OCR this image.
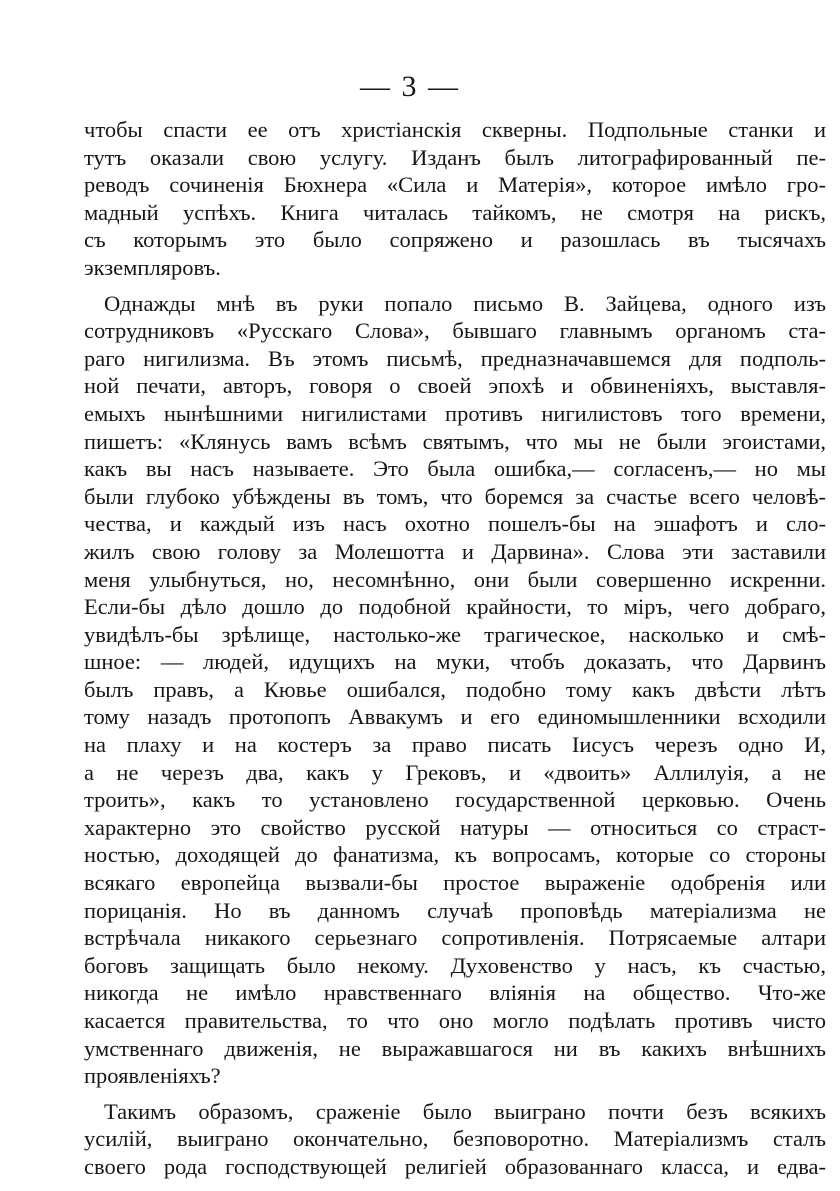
— 3 —
чтобы спасти ее отъ христіанскія скверны. Подпольные станки и
тутъ оказали свою услугу. Изданъ былъ литографированный пе-
реводъ сочиненія Бюхнера «Сила и Матерія», которое имѣло гро-
мадный успѣхъ. Книга читалась тайкомъ, не смотря на рискъ,
съ которымъ это было сопряжено и разошлась въ тысячахъ
экземпляровъ.
Однажды мнѣ въ руки попало письмо В. Зайцева, одного изъ
сотрудниковъ «Русскаго Слова», бывшаго главнымъ органомъ ста-
раго нигилизма. Въ этомъ письмѣ, предназначавшемся для подполь-
ной печати, авторъ, говоря о своей эпохѣ и обвиненіяхъ, выставля-
емыхъ нынѣшними нигилистами противъ нигилистовъ того времени,
пишетъ: «Клянусь вамъ всѣмъ святымъ, что мы не были эгоистами,
какъ вы насъ называете. Это была ошибка,— согласенъ,— но мы
были глубоко убѣждены въ томъ, что боремся за счастье всего человѣ-
чества, и каждый изъ насъ охотно пошелъ-бы на эшафотъ и сло-
жилъ свою голову за Молешотта и Дарвина». Слова эти заставили
меня улыбнуться, но, несомнѣнно, они были совершенно искренни.
Если-бы дѣло дошло до подобной крайности, то міръ, чего добраго,
увидѣлъ-бы зрѣлище, настолько-же трагическое, насколько и смѣ-
шное: — людей, идущихъ на муки, чтобъ доказать, что Дарвинъ
былъ правъ, а Кювье ошибался, подобно тому какъ двѣсти лѣтъ
тому назадъ протопопъ Аввакумъ и его единомышленники всходили
на плаху и на костеръ за право писать Іисусъ черезъ одно И,
а не черезъ два, какъ у Грековъ, и «двоить» Аллилуія, а не
троить», какъ то установлено государственной церковью. Очень
характерно это свойство русской натуры — относиться со страст-
ностью, доходящей до фанатизма, къ вопросамъ, которые со стороны
всякаго европейца вызвали-бы простое выраженіе одобренія или
порицанія. Но въ данномъ случаѣ проповѣдь матеріализма не
встрѣчала никакого серьезнаго сопротивленія. Потрясаемые алтари
боговъ защищать было некому. Духовенство у насъ, къ счастью,
никогда не имѣло нравственнаго вліянія на общество. Что-же
касается правительства, то что оно могло подѣлать противъ чисто
умственнаго движенія, не выражавшагося ни въ какихъ внѣшнихъ
проявленіяхъ?
Такимъ образомъ, сраженіе было выиграно почти безъ всякихъ
усилій, выиграно окончательно, безповоротно. Матеріализмъ сталъ
своего рода господствующей религіей образованнаго класса, и едва-
